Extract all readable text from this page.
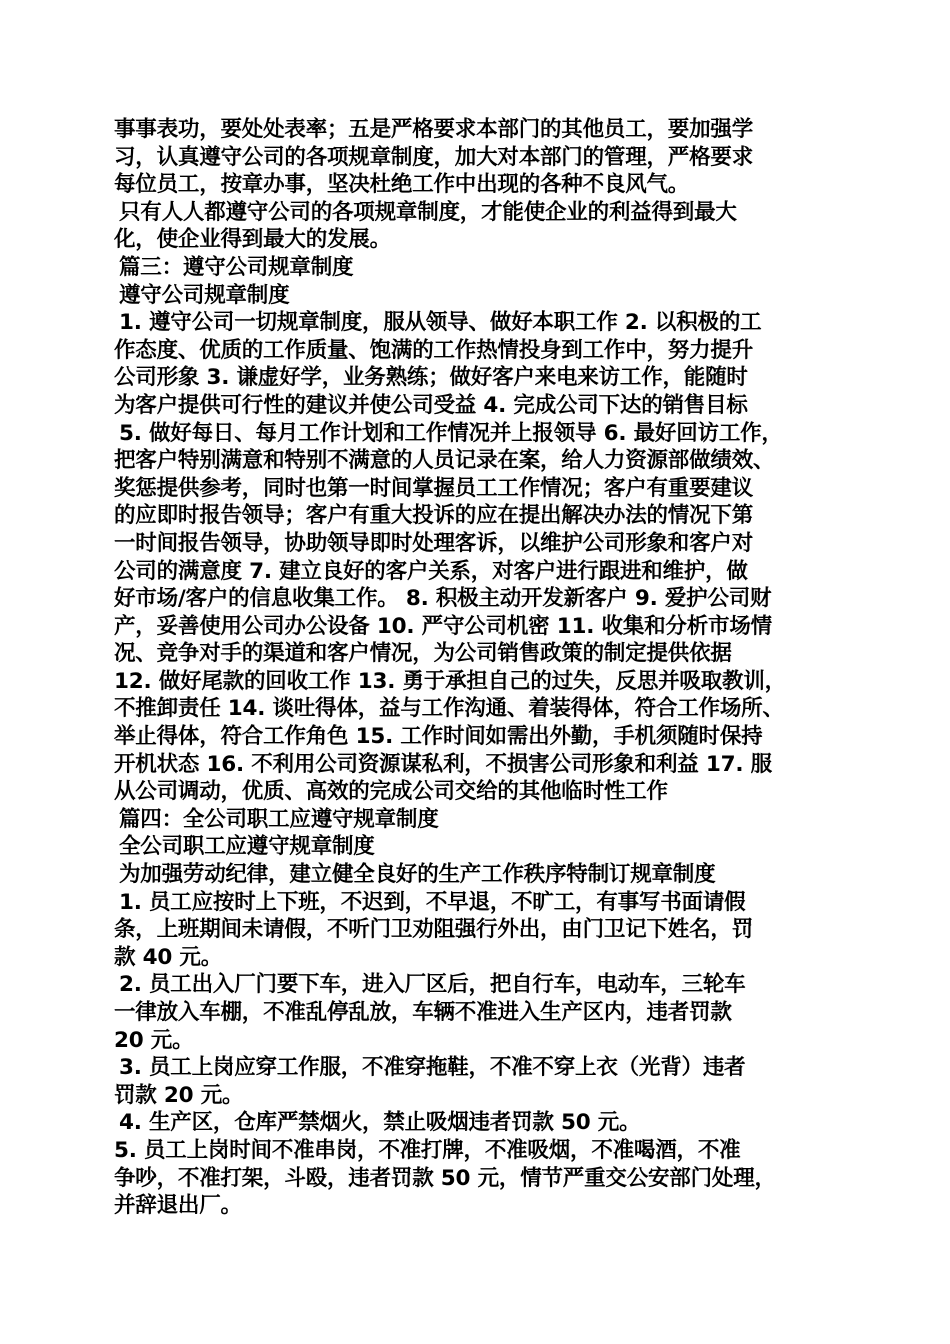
事事表功，要处处表率；五是严格要求本部门的其他员工，要加强学
习，认真遵守公司的各项规章制度，加大对本部门的管理，严格要求
每位员工，按章办事，坚决杜绝工作中出现的各种不良风气。
只有人人都遵守公司的各项规章制度，才能使企业的利益得到最大
化，使企业得到最大的发展。
篇三：遵守公司规章制度
遵守公司规章制度
1. 遵守公司一切规章制度，服从领导、做好本职工作 2. 以积极的工
作态度、优质的工作质量、饱满的工作热情投身到工作中，努力提升
公司形象 3. 谦虚好学，业务熟练；做好客户来电来访工作，能随时
为客户提供可行性的建议并使公司受益 4. 完成公司下达的销售目标
5. 做好每日、每月工作计划和工作情况并上报领导 6. 最好回访工作，
把客户特别满意和特别不满意的人员记录在案，给人力资源部做绩效、
奖惩提供参考，同时也第一时间掌握员工工作情况；客户有重要建议
的应即时报告领导；客户有重大投诉的应在提出解决办法的情况下第
一时间报告领导，协助领导即时处理客诉，以维护公司形象和客户对
公司的满意度 7. 建立良好的客户关系，对客户进行跟进和维护，做
好市场/客户的信息收集工作。 8. 积极主动开发新客户 9. 爱护公司财
产，妥善使用公司办公设备 10. 严守公司机密 11. 收集和分析市场情
况、竞争对手的渠道和客户情况，为公司销售政策的制定提供依据
12. 做好尾款的回收工作 13. 勇于承担自己的过失，反思并吸取教训，
不推卸责任 14. 谈吐得体，益与工作沟通、着装得体，符合工作场所、
举止得体，符合工作角色 15. 工作时间如需出外勤，手机须随时保持
开机状态 16. 不利用公司资源谋私利，不损害公司形象和利益 17. 服
从公司调动，优质、高效的完成公司交给的其他临时性工作
篇四：全公司职工应遵守规章制度
全公司职工应遵守规章制度
为加强劳动纪律，建立健全良好的生产工作秩序特制订规章制度
1. 员工应按时上下班，不迟到，不早退，不旷工，有事写书面请假
条，上班期间未请假，不听门卫劝阻强行外出，由门卫记下姓名，罚
款 40 元。
2. 员工出入厂门要下车，进入厂区后，把自行车，电动车，三轮车
一律放入车棚，不准乱停乱放，车辆不准进入生产区内，违者罚款
20 元。
3. 员工上岗应穿工作服，不准穿拖鞋，不准不穿上衣（光背）违者
罚款 20 元。
4. 生产区，仓库严禁烟火，禁止吸烟违者罚款 50 元。
5. 员工上岗时间不准串岗，不准打牌，不准吸烟，不准喝酒，不准
争吵，不准打架，斗殴，违者罚款 50 元，情节严重交公安部门处理，
并辞退出厂。
